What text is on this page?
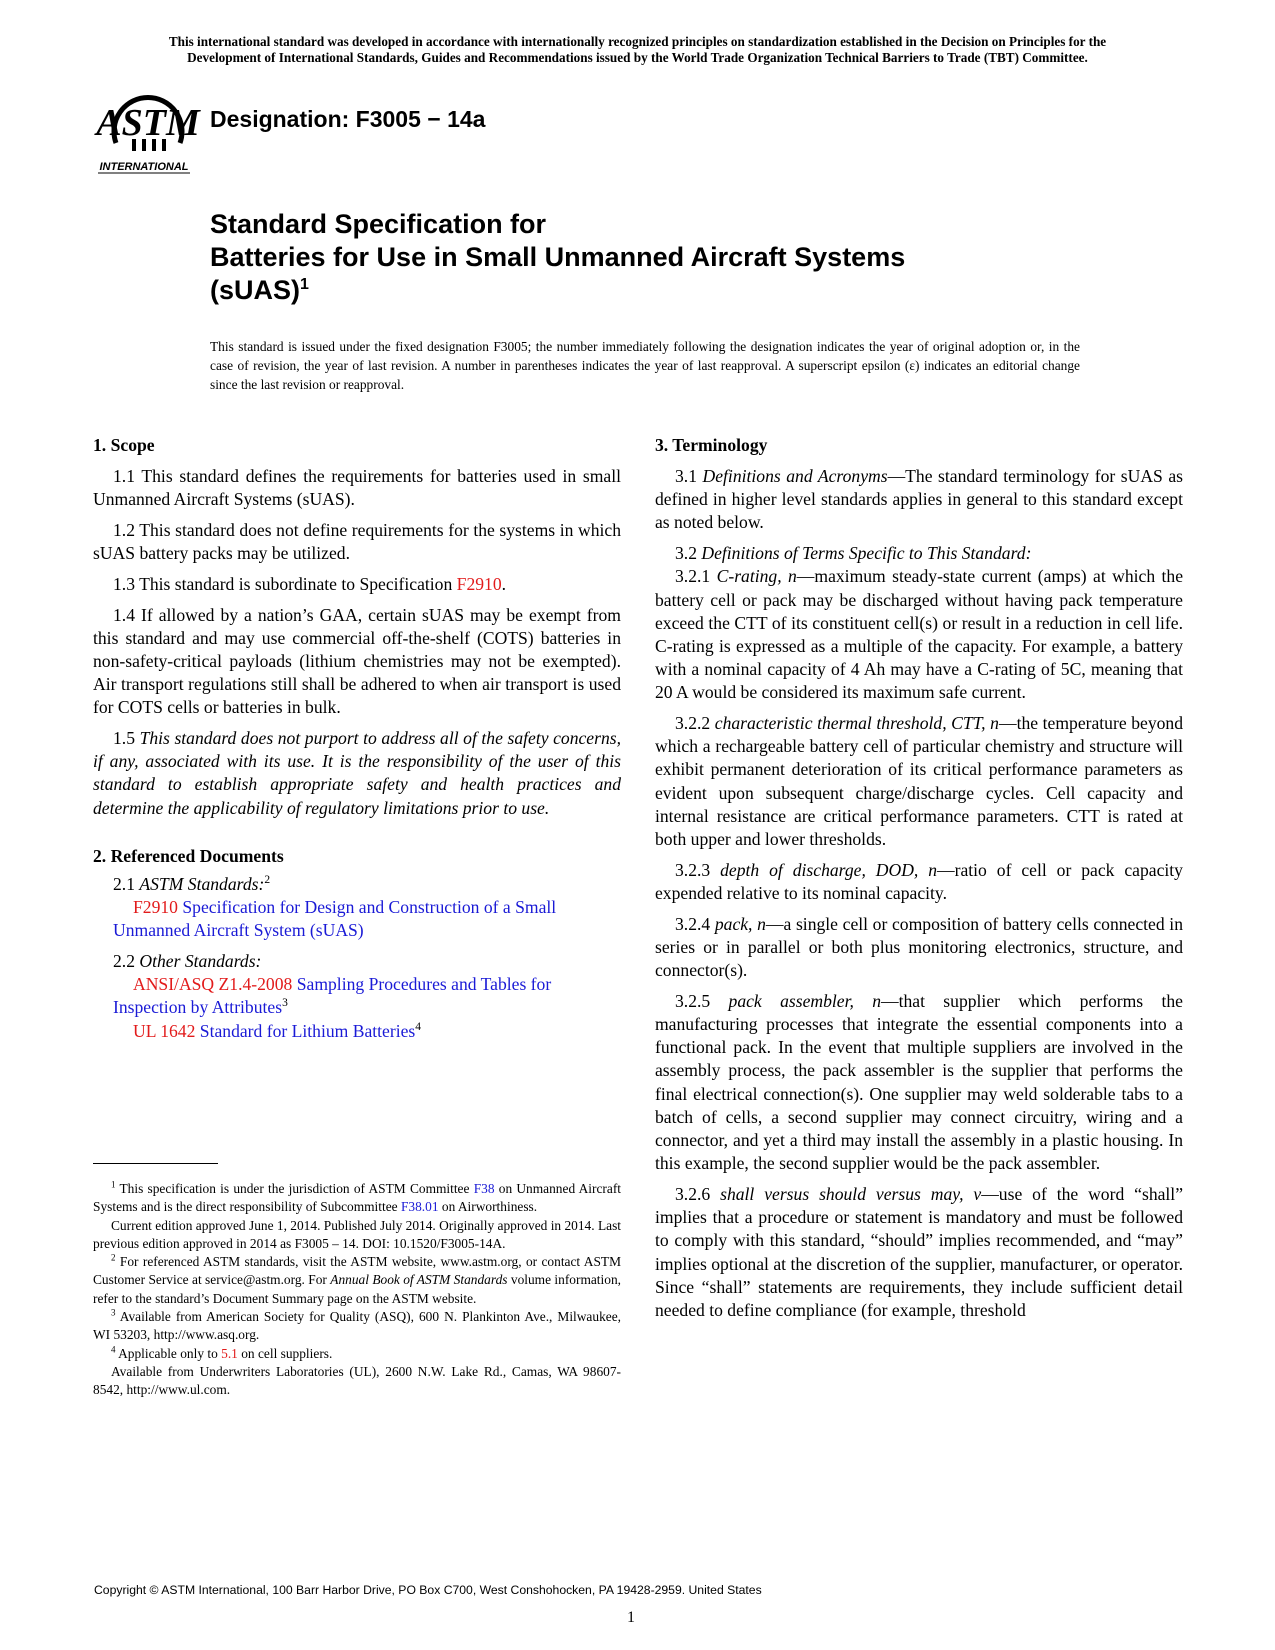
This international standard was developed in accordance with internationally recognized principles on standardization established in the Decision on Principles for the
Development of International Standards, Guides and Recommendations issued by the World Trade Organization Technical Barriers to Trade (TBT) Committee.
ASTM
INTERNATIONAL
Designation: F3005 − 14a
Standard Specification for
Batteries for Use in Small Unmanned Aircraft Systems
(sUAS)$^1$
This standard is issued under the fixed designation F3005; the number immediately following the designation indicates the year of original adoption or, in the case of revision, the year of last revision. A number in parentheses indicates the year of last reapproval. A superscript epsilon (ε) indicates an editorial change since the last revision or reapproval.
1. Scope

1.1 This standard defines the requirements for batteries used in small Unmanned Aircraft Systems (sUAS).

1.2 This standard does not define requirements for the systems in which sUAS battery packs may be utilized.

1.3 This standard is subordinate to Specification F2910.

1.4 If allowed by a nation’s GAA, certain sUAS may be exempt from this standard and may use commercial off-the-shelf (COTS) batteries in non-safety-critical payloads (lithium chemistries may not be exempted). Air transport regulations still shall be adhered to when air transport is used for COTS cells or batteries in bulk.

1.5 This standard does not purport to address all of the safety concerns, if any, associated with its use. It is the responsibility of the user of this standard to establish appropriate safety and health practices and determine the applicability of regulatory limitations prior to use.

2. Referenced Documents

2.1 ASTM Standards:$^2$

F2910 Specification for Design and Construction of a Small Unmanned Aircraft System (sUAS)

2.2 Other Standards:

ANSI/ASQ Z1.4-2008 Sampling Procedures and Tables for Inspection by Attributes$^3$

UL 1642 Standard for Lithium Batteries$^4$

$^1$ This specification is under the jurisdiction of ASTM Committee F38 on Unmanned Aircraft Systems and is the direct responsibility of Subcommittee F38.01 on Airworthiness.

Current edition approved June 1, 2014. Published July 2014. Originally approved in 2014. Last previous edition approved in 2014 as F3005 – 14. DOI: 10.1520/F3005-14A.

$^2$ For referenced ASTM standards, visit the ASTM website, www.astm.org, or contact ASTM Customer Service at service@astm.org. For Annual Book of ASTM Standards volume information, refer to the standard’s Document Summary page on the ASTM website.

$^3$ Available from American Society for Quality (ASQ), 600 N. Plankinton Ave., Milwaukee, WI 53203, http://www.asq.org.

$^4$ Applicable only to 5.1 on cell suppliers.

Available from Underwriters Laboratories (UL), 2600 N.W. Lake Rd., Camas, WA 98607-8542, http://www.ul.com.

3. Terminology

3.1 Definitions and Acronyms—The standard terminology for sUAS as defined in higher level standards applies in general to this standard except as noted below.

3.2 Definitions of Terms Specific to This Standard:

3.2.1 C-rating, n—maximum steady-state current (amps) at which the battery cell or pack may be discharged without having pack temperature exceed the CTT of its constituent cell(s) or result in a reduction in cell life. C-rating is expressed as a multiple of the capacity. For example, a battery with a nominal capacity of 4 Ah may have a C-rating of 5C, meaning that 20 A would be considered its maximum safe current.

3.2.2 characteristic thermal threshold, CTT, n—the temperature beyond which a rechargeable battery cell of particular chemistry and structure will exhibit permanent deterioration of its critical performance parameters as evident upon subsequent charge/discharge cycles. Cell capacity and internal resistance are critical performance parameters. CTT is rated at both upper and lower thresholds.

3.2.3 depth of discharge, DOD, n—ratio of cell or pack capacity expended relative to its nominal capacity.

3.2.4 pack, n—a single cell or composition of battery cells connected in series or in parallel or both plus monitoring electronics, structure, and connector(s).

3.2.5 pack assembler, n—that supplier which performs the manufacturing processes that integrate the essential components into a functional pack. In the event that multiple suppliers are involved in the assembly process, the pack assembler is the supplier that performs the final electrical connection(s). One supplier may weld solderable tabs to a batch of cells, a second supplier may connect circuitry, wiring and a connector, and yet a third may install the assembly in a plastic housing. In this example, the second supplier would be the pack assembler.

3.2.6 shall versus should versus may, v—use of the word “shall” implies that a procedure or statement is mandatory and must be followed to comply with this standard, “should” implies recommended, and “may” implies optional at the discretion of the supplier, manufacturer, or operator. Since “shall” statements are requirements, they include sufficient detail needed to define compliance (for example, threshold

Copyright © ASTM International, 100 Barr Harbor Drive, PO Box C700, West Conshohocken, PA 19428-2959. United States
1
